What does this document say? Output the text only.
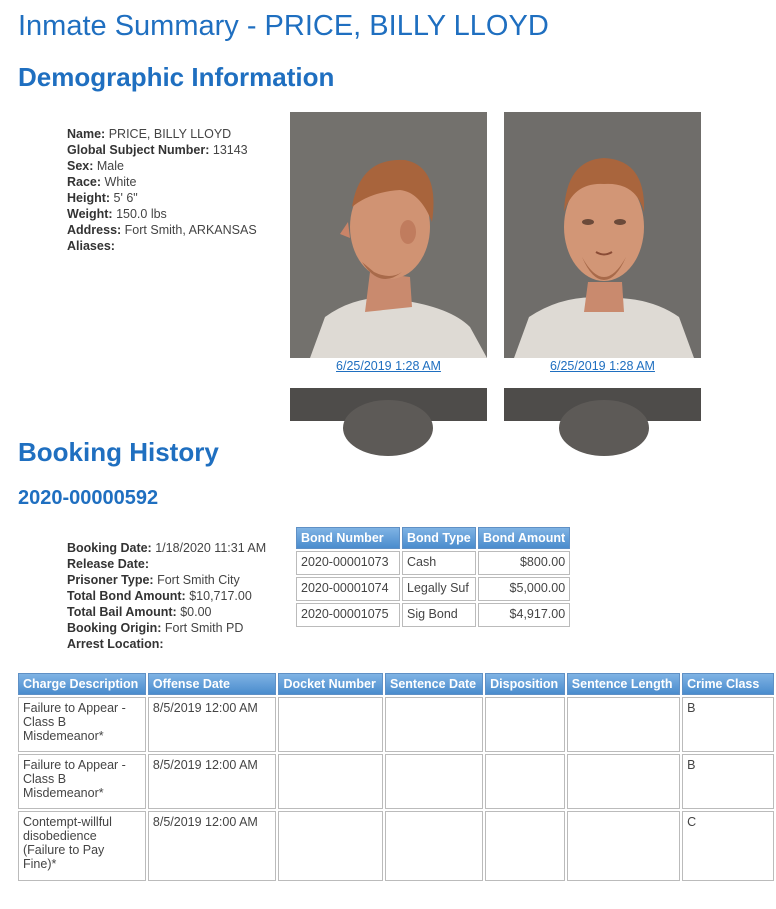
Inmate Summary - PRICE, BILLY LLOYD
Demographic Information
Name: PRICE, BILLY LLOYD
Global Subject Number: 13143
Sex: Male
Race: White
Height: 5' 6"
Weight: 150.0 lbs
Address: Fort Smith, ARKANSAS
Aliases:
6/25/2019 1:28 AM	6/25/2019 1:28 AM
Booking History
2020-00000592
Booking Date: 1/18/2020 11:31 AM
Release Date:
Prisoner Type: Fort Smith City
Total Bond Amount: $10,717.00
Total Bail Amount: $0.00
Booking Origin: Fort Smith PD
Arrest Location:
Bond Number	Bond Type	Bond Amount
2020-00001073	Cash	$800.00
2020-00001074	Legally Suf	$5,000.00
2020-00001075	Sig Bond	$4,917.00
Charge Description	Offense Date	Docket Number	Sentence Date	Disposition	Sentence Length	Crime Class
Failure to Appear - Class B Misdemeanor*	8/5/2019 12:00 AM					B
Failure to Appear - Class B Misdemeanor*	8/5/2019 12:00 AM					B
Contempt-willful disobedience (Failure to Pay Fine)*	8/5/2019 12:00 AM					C
